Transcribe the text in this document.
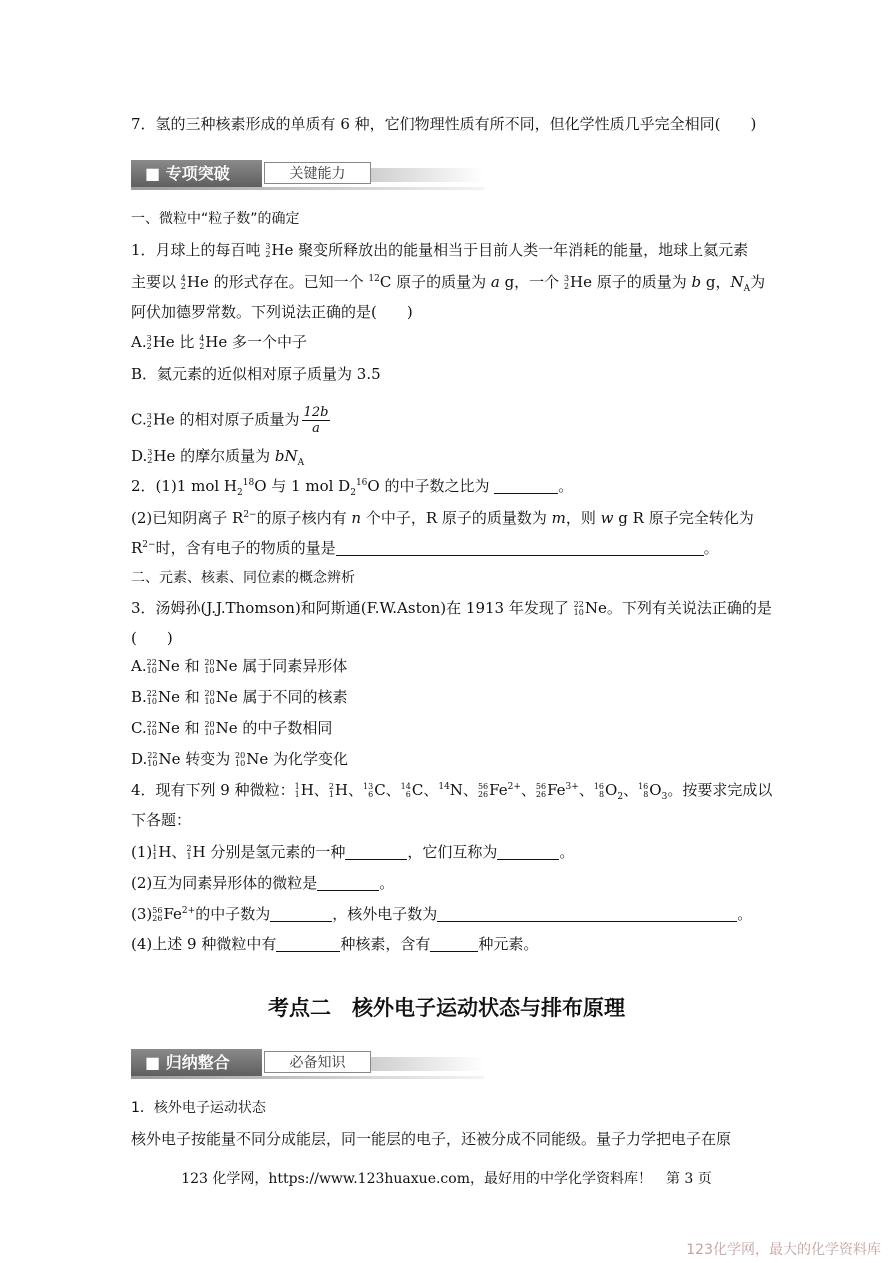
7．氢的三种核素形成的单质有 6 种，它们物理性质有所不同，但化学性质几乎完全相同(　　)
■ 专项突破	关键能力
一、微粒中“粒子数”的确定
1．月球上的每百吨 3
2 He 聚变所释放出的能量相当于目前人类一年消耗的能量，地球上氦元素
主要以 4
2 He 的形式存在。已知一个 $^{12}$C 原子的质量为 a g，一个 3
2 He 原子的质量为 b g，$N_A$为
阿伏加德罗常数。下列说法正确的是(　　)
A. 3
2 He 比 4
2 He 多一个中子
B．氦元素的近似相对原子质量为 3.5
C. 3
2 He 的相对原子质量为 $\frac{12b}{a}$
D. 3
2 He 的摩尔质量为 $bN_A$
2．(1)1 mol $H_2^{18}O$ 与 1 mol $D_2^{16}O$ 的中子数之比为	。
(2)已知阴离子 $R^{2-}$的原子核内有 n 个中子，R 原子的质量数为 m，则 w g R 原子完全转化为
$R^{2-}$时，含有电子的物质的量是	。
二、元素、核素、同位素的概念辨析
3．汤姆孙(J.J.Thomson)和阿斯通(F.W.Aston)在 1913 年发现了 22
10 Ne。下列有关说法正确的是
(　　)
A. 22
10 Ne 和 20
10 Ne 属于同素异形体
B. 22
10 Ne 和 20
10 Ne 属于不同的核素
C. 22
10 Ne 和 20
10 Ne 的中子数相同
D. 22
10 Ne 转变为 20
10 Ne 为化学变化
4．现有下列 9 种微粒： 1
1 H、 2
1 H、 13
6 C、 14
6 C、$^{14}$N、 56
26 $Fe^{2+}$、 56
26 $Fe^{3+}$、 16
8 $O_2$、 16
8 $O_3$。按要求完成以
下各题：
(1) 1
1 H、 2
1 H 分别是氢元素的一种	，它们互称为	。
(2)互为同素异形体的微粒是	。
(3) 56
26 $Fe^{2+}$的中子数为	，核外电子数为	。
(4)上述 9 种微粒中有	种核素，含有	种元素。
考点二　核外电子运动状态与排布原理
■ 归纳整合	必备知识
1．核外电子运动状态
核外电子按能量不同分成能层，同一能层的电子，还被分成不同能级。量子力学把电子在原
123 化学网，https://www.123huaxue.com，最好用的中学化学资料库！　第 3 页
123化学网，最大的化学资料库
